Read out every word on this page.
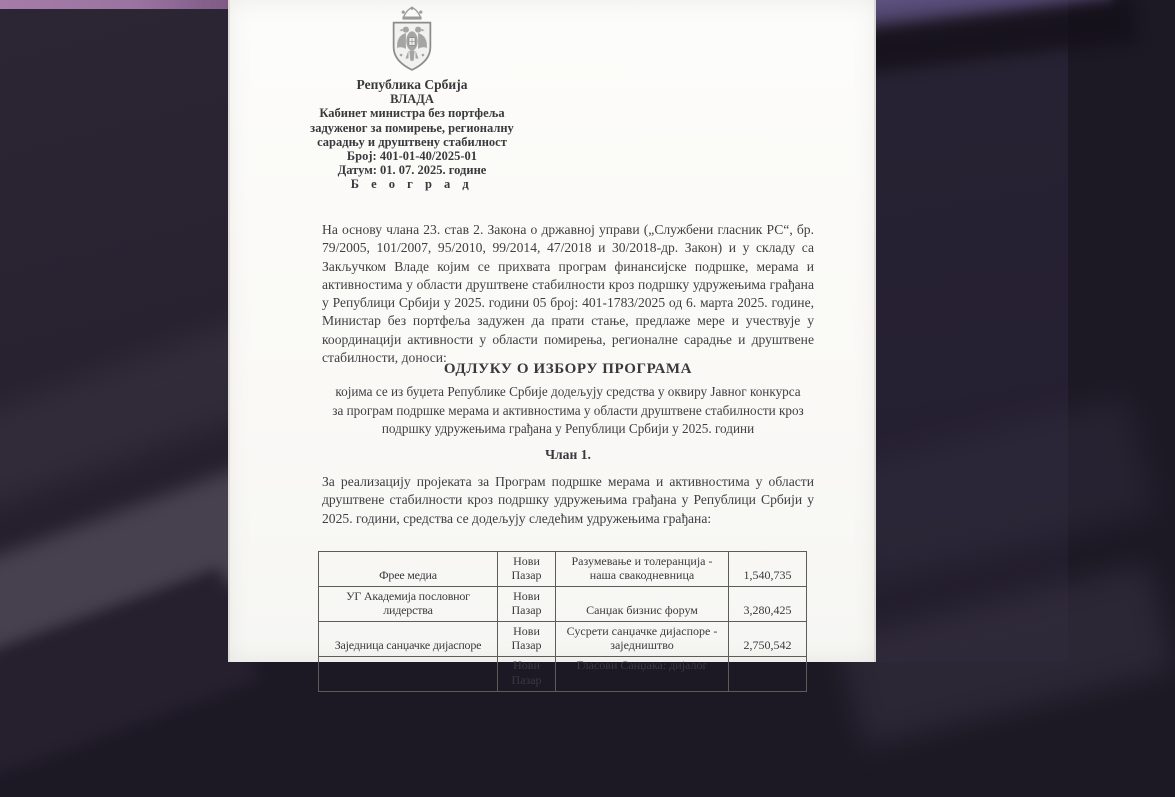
Република Србија
ВЛАДА
Кабинет министра без портфеља
задуженог за помирење, регионалну
сарадњу и друштвену стабилност
Број: 401-01-40/2025-01
Датум: 01. 07. 2025. године
Б е о г р а д

На основу члана 23. став 2. Закона о државној управи („Службени гласник РС“, бр. 79/2005, 101/2007, 95/2010, 99/2014, 47/2018 и 30/2018-др. Закон) и у складу са Закључком Владе којим се прихвата програм финансијске подршке, мерама и активностима у области друштвене стабилности кроз подршку удружењима грађана у Републици Србији у 2025. години 05 број: 401-1783/2025 од 6. марта 2025. године, Министар без портфеља задужен да прати стање, предлаже мере и учествује у координацији активности у области помирења, регионалне сарадње и друштвене стабилности, доноси:

ОДЛУКУ О ИЗБОРУ ПРОГРАМА

којима се из буџета Републике Србије додељују средства у оквиру Јавног конкурса за програм подршке мерама и активностима у области друштвене стабилности кроз подршку удружењима грађана у Републици Србији у 2025. години

Члан 1.

За реализацију пројеката за Програм подршке мерама и активностима у области друштвене стабилности кроз подршку удружењима грађана у Републици Србији у 2025. години, средства се додељују следећим удружењима грађана:

Фрее медиа	Нови Пазар	Разумевање и толеранција - наша свакодневница	1,540,735
УГ Академија пословног лидерства	Нови Пазар	Санџак бизнис форум	3,280,425
Заједница санџачке дијаспоре	Нови Пазар	Сусрети санџачке дијаспоре - заједништво	2,750,542
	Нови Пазар	Гласови Санџака: дијалог	
